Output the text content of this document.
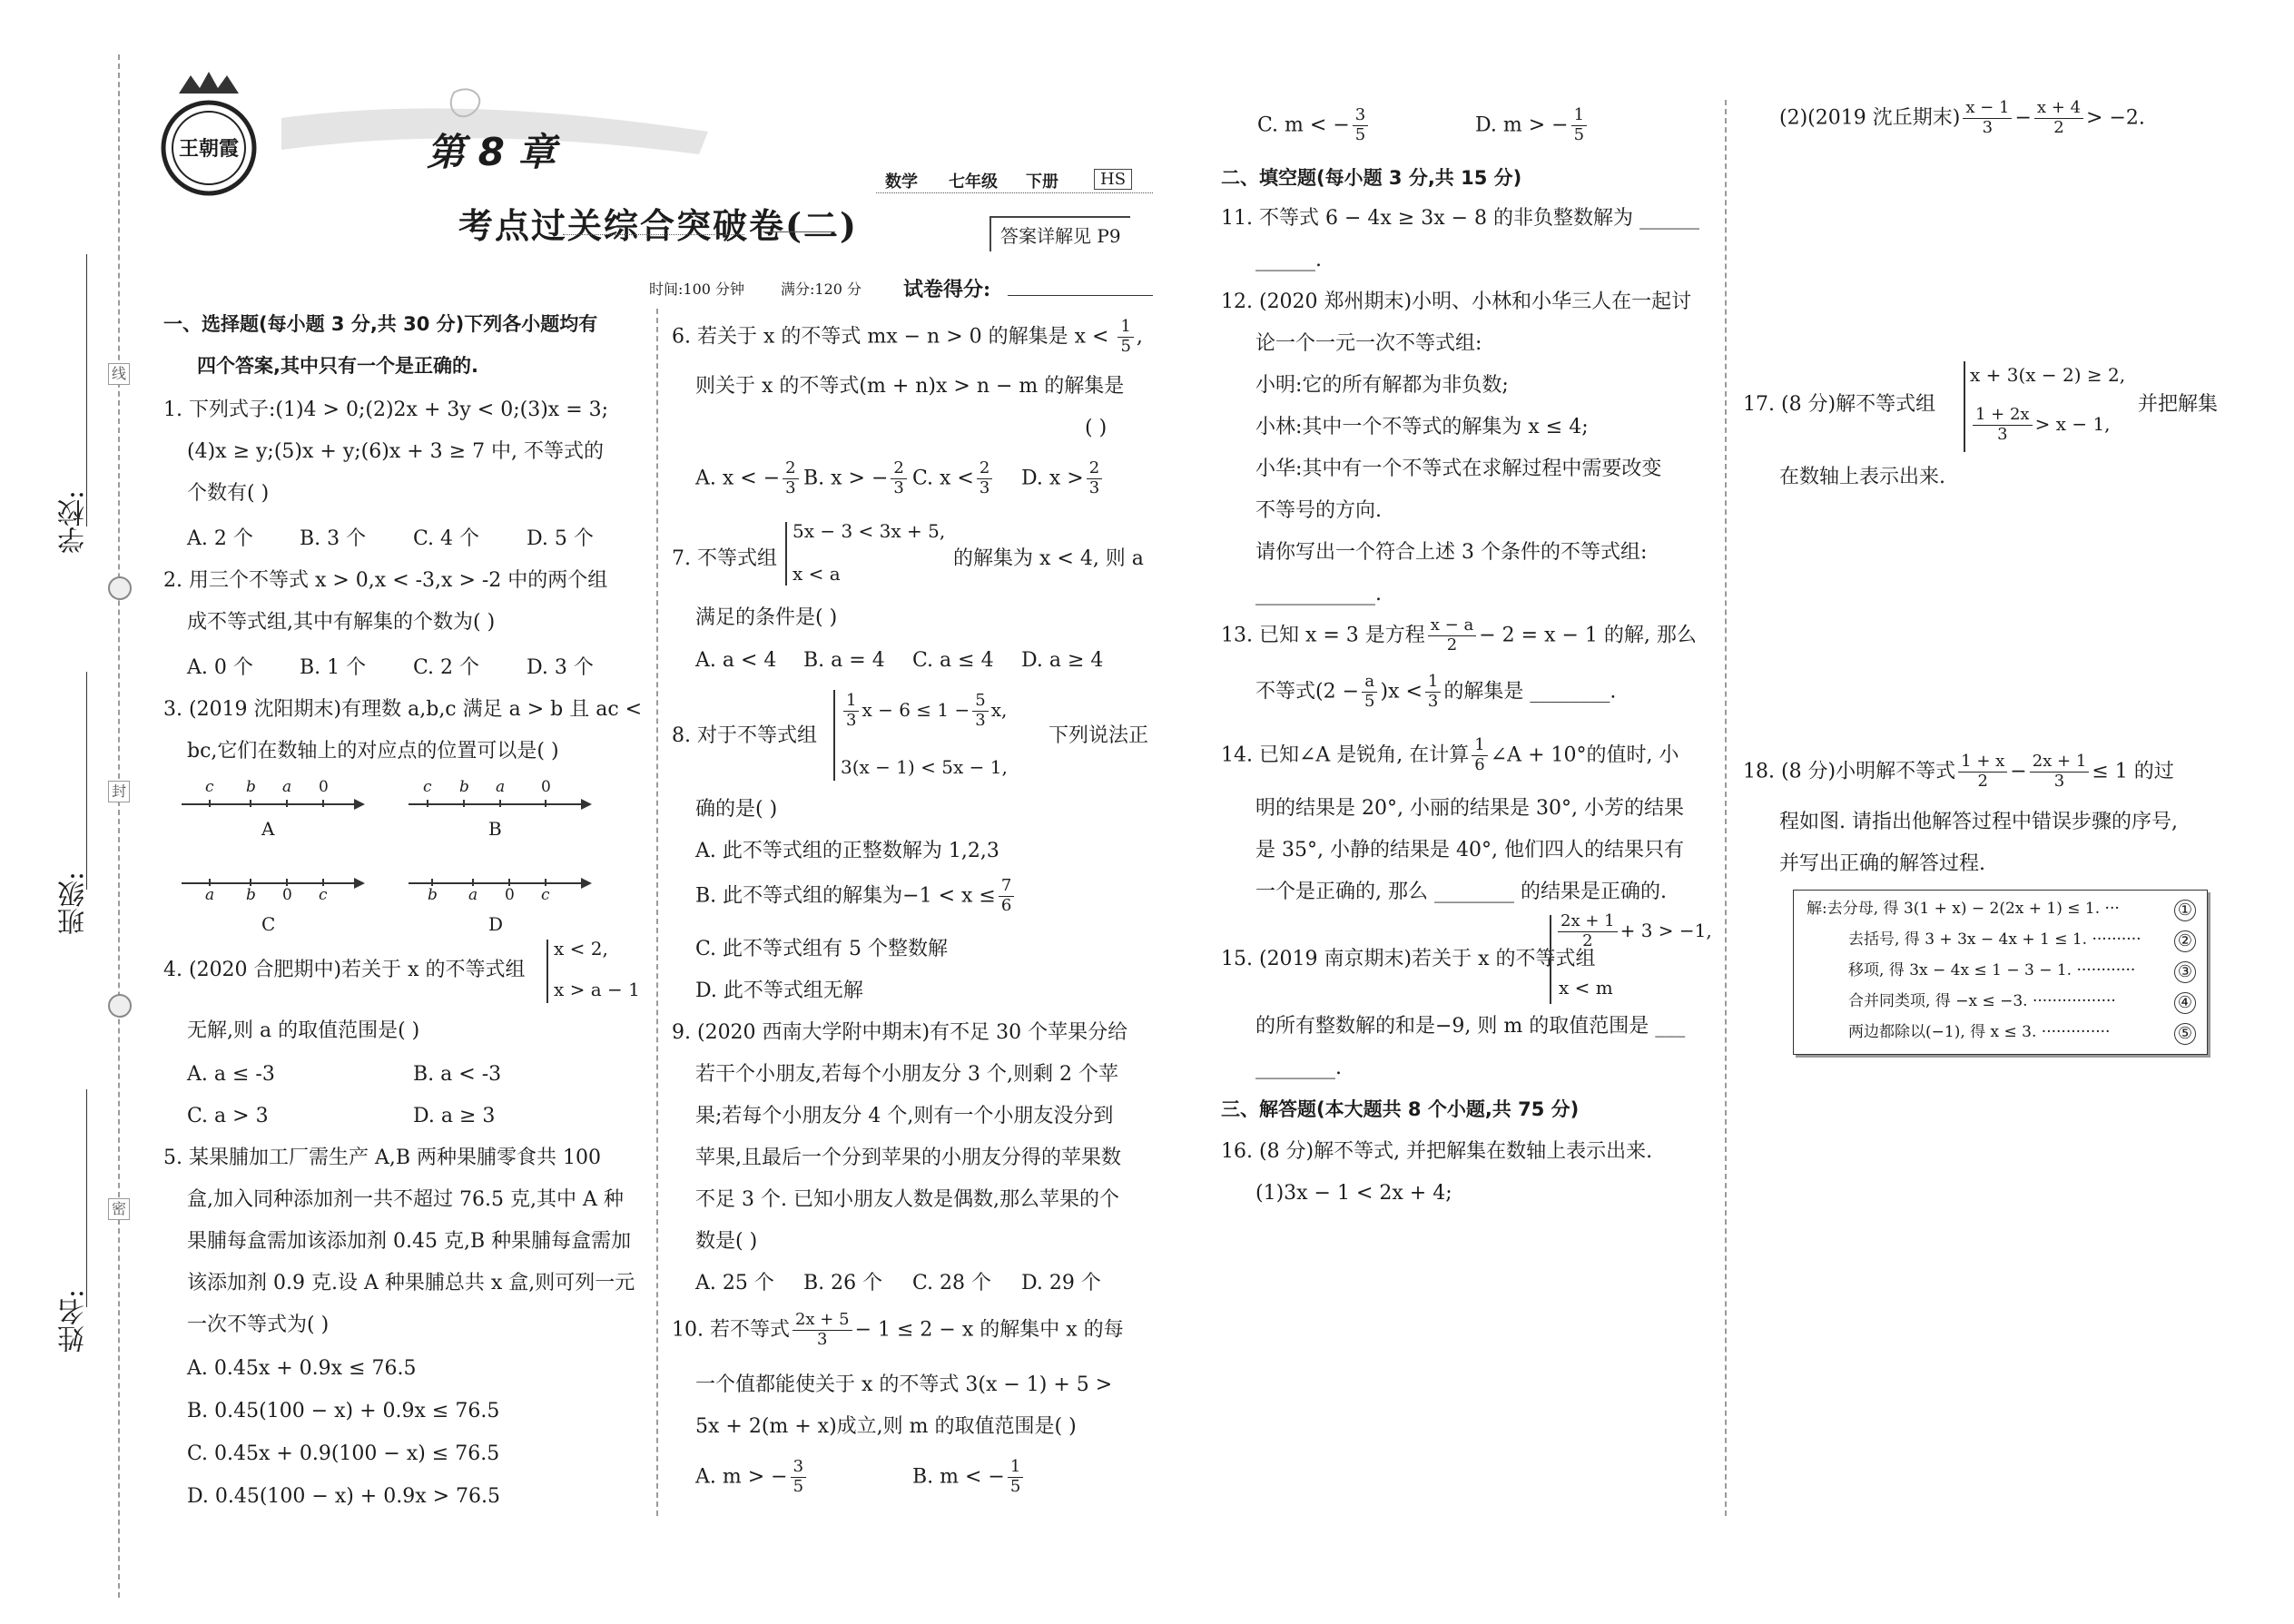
学校:
班级:
姓名:
线
封
密
王朝霞	第 8 章
考点过关综合突破卷(二)
数学 七年级 下册	HS
答案详解见 P9
时间:100 分钟 满分:120 分 试卷得分:
一、选择题(每小题 3 分,共 30 分)下列各小题均有
四个答案,其中只有一个是正确的.
1. 下列式子:(1)4 > 0;(2)2x + 3y < 0;(3)x = 3;
(4)x ≥ y;(5)x + y;(6)x + 3 ≥ 7 中, 不等式的
个数有( )
A. 2 个 B. 3 个 C. 4 个 D. 5 个
2. 用三个不等式 x > 0,x < -3,x > -2 中的两个组
成不等式组,其中有解集的个数为( )
A. 0 个 B. 1 个 C. 2 个 D. 3 个
3. (2019 沈阳期末)有理数 a,b,c 满足 a > b 且 ac <
bc,它们在数轴上的对应点的位置可以是( )
c b a 0
A
c b a 0
B
a b 0 c
C
b a 0 c
D
4. (2020 合肥期中)若关于 x 的不等式组
x < 2,
x > a − 1
无解,则 a 的取值范围是( )
A. a ≤ -3	B. a < -3
C. a > 3	D. a ≥ 3
5. 某果脯加工厂需生产 A,B 两种果脯零食共 100
盒,加入同种添加剂一共不超过 76.5 克,其中 A 种
果脯每盒需加该添加剂 0.45 克,B 种果脯每盒需加
该添加剂 0.9 克.设 A 种果脯总共 x 盒,则可列一元
一次不等式为( )
A. 0.45x + 0.9x ≤ 76.5
B. 0.45(100 − x) + 0.9x ≤ 76.5
C. 0.45x + 0.9(100 − x) ≤ 76.5
D. 0.45(100 − x) + 0.9x > 76.5
6. 若关于 x 的不等式 mx − n > 0 的解集是 $x < \frac{1}{5}$ ,
则关于 x 的不等式(m + n)x > n − m 的解集是
( )
A. x < − $\frac{2}{3} B$. x > − $\frac{2}{3} C$. $x < \frac{2}{3} D$. $x > \frac{2}{3}$
7. 不等式组
5x − 3 < 3x + 5,
x < a
的解集为 x < 4, 则 a
满足的条件是( )
A. a < 4 B. a = 4 C. a ≤ 4 D. a ≥ 4
8. 对于不等式组
$\frac{1}{3}$ $x - 6 \le 1 - \frac{5}{3} x$,
3(x − 1) < 5x − 1,
下列说法正
确的是( )
A. 此不等式组的正整数解为 1,2,3
B. 此不等式组的解集为$-1 < x \le \frac{7}{6}$
C. 此不等式组有 5 个整数解
D. 此不等式组无解
9. (2020 西南大学附中期末)有不足 30 个苹果分给
若干个小朋友,若每个小朋友分 3 个,则剩 2 个苹
果;若每个小朋友分 4 个,则有一个小朋友没分到
苹果,且最后一个分到苹果的小朋友分得的苹果数
不足 3 个. 已知小朋友人数是偶数,那么苹果的个
数是( )
A. 25 个 B. 26 个 C. 28 个 D. 29 个
10. 若不等式 $\frac{2x + 5}{3} - 1 \le 2 - x$ 的解集中 x 的每
一个值都能使关于 x 的不等式 3(x − 1) + 5 >
5x + 2(m + x)成立,则 m 的取值范围是( )
A. m > − $\frac{3}{5}$	B. m < − $\frac{1}{5}$
C. m < − $\frac{3}{5}$	D. m > − $\frac{1}{5}$
二、填空题(每小题 3 分,共 15 分)
11. 不等式 6 − 4x ≥ 3x − 8 的非负整数解为 ______
______.
12. (2020 郑州期末)小明、小林和小华三人在一起讨
论一个一元一次不等式组:
小明:它的所有解都为非负数;
小林:其中一个不等式的解集为 x ≤ 4;
小华:其中有一个不等式在求解过程中需要改变
不等号的方向.
请你写出一个符合上述 3 个条件的不等式组:
____________.
13. 已知 x = 3 是方程 $\frac{x - a}{2} - 2 = x - 1$ 的解, 那么
不等式$(2 - \frac{a}{5} )x < \frac{1}{3}$ 的解集是 ________.
14. 已知∠A 是锐角, 在计算 $\frac{1}{6}$ ∠A + 10°的值时, 小
明的结果是 20°, 小丽的结果是 30°, 小芳的结果
是 35°, 小静的结果是 40°, 他们四人的结果只有
一个是正确的, 那么 ________ 的结果是正确的.
15. (2019 南京期末)若关于 x 的不等式组
$\frac{2x + 1}{2} + 3 > -1$,
x < m
的所有整数解的和是−9, 则 m 的取值范围是 ___
________.
三、解答题(本大题共 8 个小题,共 75 分)
16. (8 分)解不等式, 并把解集在数轴上表示出来.
(1)3x − 1 < 2x + 4;
(2)(2019 沈丘期末) $\frac{x - 1}{3} - \frac{x + 4}{2} > -2$.
17. (8 分)解不等式组
x + 3(x − 2) ≥ 2,
$\frac{1 + 2x}{3} > x - 1$,
并把解集
在数轴上表示出来.
18. (8 分)小明解不等式 $\frac{1 + x}{2} - \frac{2x + 1}{3} \le 1$ 的过
程如图. 请指出他解答过程中错误步骤的序号,
并写出正确的解答过程.
解:去分母, 得 3(1 + x) − 2(2x + 1) ≤ 1. ···	①
去括号, 得 3 + 3x − 4x + 1 ≤ 1. ·········· ②
移项, 得 3x − 4x ≤ 1 − 3 − 1. ············	③
合并同类项, 得 −x ≤ −3. ·················	④
两边都除以(−1), 得 x ≤ 3. ··············	⑤
